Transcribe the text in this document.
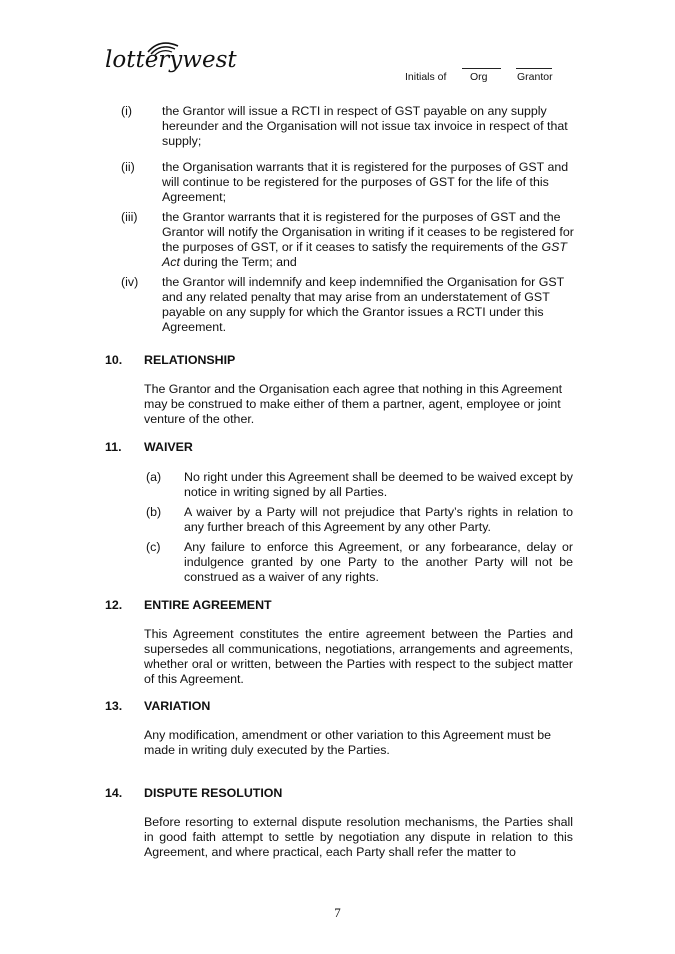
lotterywest
Initials of Org	Grantor
(i) the Grantor will issue a RCTI in respect of GST payable on any supply hereunder and the Organisation will not issue tax invoice in respect of that supply;
(ii) the Organisation warrants that it is registered for the purposes of GST and will continue to be registered for the purposes of GST for the life of this Agreement;
(iii) the Grantor warrants that it is registered for the purposes of GST and the Grantor will notify the Organisation in writing if it ceases to be registered for the purposes of GST, or if it ceases to satisfy the requirements of the GST Act during the Term; and
(iv) the Grantor will indemnify and keep indemnified the Organisation for GST and any related penalty that may arise from an understatement of GST payable on any supply for which the Grantor issues a RCTI under this Agreement.
10. RELATIONSHIP
The Grantor and the Organisation each agree that nothing in this Agreement may be construed to make either of them a partner, agent, employee or joint venture of the other.
11. WAIVER
(a) No right under this Agreement shall be deemed to be waived except by notice in writing signed by all Parties.
(b) A waiver by a Party will not prejudice that Party’s rights in relation to any further breach of this Agreement by any other Party.
(c) Any failure to enforce this Agreement, or any forbearance, delay or indulgence granted by one Party to the another Party will not be construed as a waiver of any rights.
12. ENTIRE AGREEMENT
This Agreement constitutes the entire agreement between the Parties and supersedes all communications, negotiations, arrangements and agreements, whether oral or written, between the Parties with respect to the subject matter of this Agreement.
13. VARIATION
Any modification, amendment or other variation to this Agreement must be made in writing duly executed by the Parties.
14. DISPUTE RESOLUTION
Before resorting to external dispute resolution mechanisms, the Parties shall in good faith attempt to settle by negotiation any dispute in relation to this Agreement, and where practical, each Party shall refer the matter to
7
